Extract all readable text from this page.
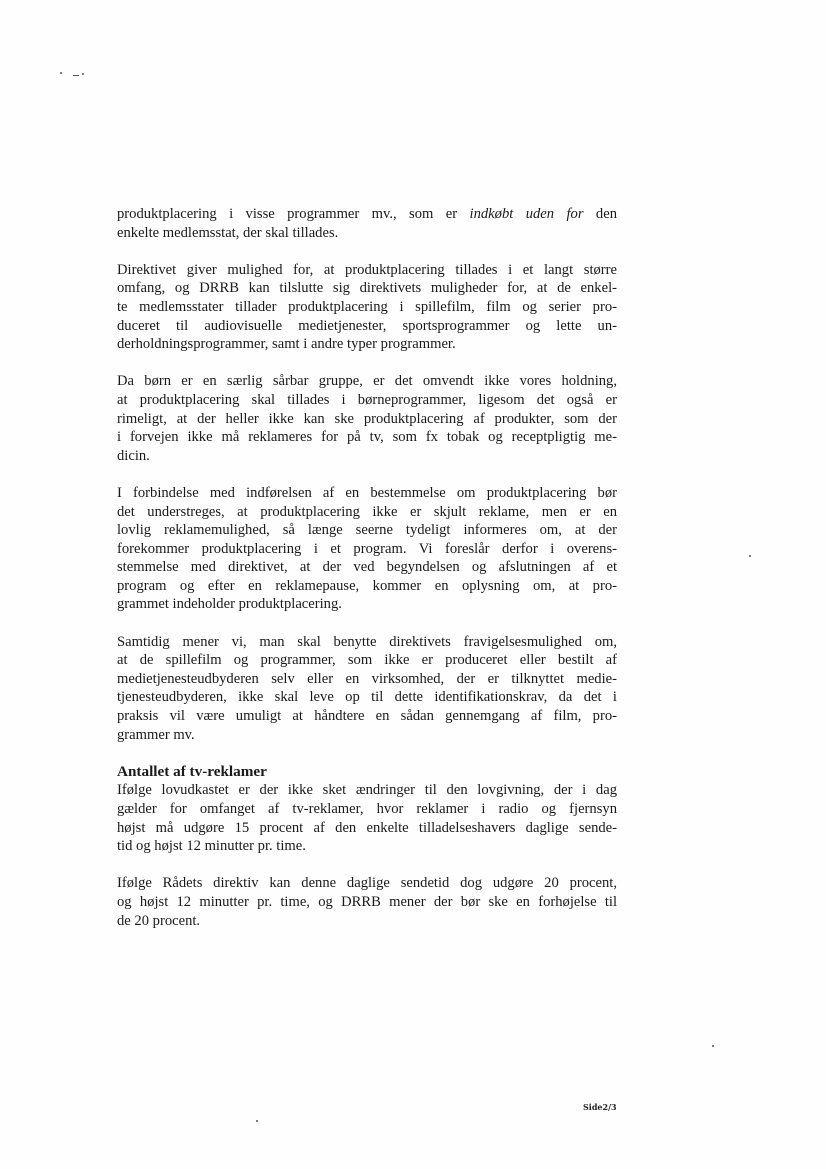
produktplacering i visse programmer mv., som er indkøbt uden for den
enkelte medlemsstat, der skal tillades.
Direktivet giver mulighed for, at produktplacering tillades i et langt større
omfang, og DRRB kan tilslutte sig direktivets muligheder for, at de enkel-
te medlemsstater tillader produktplacering i spillefilm, film og serier pro-
duceret til audiovisuelle medietjenester, sportsprogrammer og lette un-
derholdningsprogrammer, samt i andre typer programmer.
Da børn er en særlig sårbar gruppe, er det omvendt ikke vores holdning,
at produktplacering skal tillades i børneprogrammer, ligesom det også er
rimeligt, at der heller ikke kan ske produktplacering af produkter, som der
i forvejen ikke må reklameres for på tv, som fx tobak og receptpligtig me-
dicin.
I forbindelse med indførelsen af en bestemmelse om produktplacering bør
det understreges, at produktplacering ikke er skjult reklame, men er en
lovlig reklamemulighed, så længe seerne tydeligt informeres om, at der
forekommer produktplacering i et program. Vi foreslår derfor i overens-
stemmelse med direktivet, at der ved begyndelsen og afslutningen af et
program og efter en reklamepause, kommer en oplysning om, at pro-
grammet indeholder produktplacering.
Samtidig mener vi, man skal benytte direktivets fravigelsesmulighed om,
at de spillefilm og programmer, som ikke er produceret eller bestilt af
medietjenesteudbyderen selv eller en virksomhed, der er tilknyttet medie-
tjenesteudbyderen, ikke skal leve op til dette identifikationskrav, da det i
praksis vil være umuligt at håndtere en sådan gennemgang af film, pro-
grammer mv.
Antallet af tv-reklamer
Ifølge lovudkastet er der ikke sket ændringer til den lovgivning, der i dag
gælder for omfanget af tv-reklamer, hvor reklamer i radio og fjernsyn
højst må udgøre 15 procent af den enkelte tilladelseshavers daglige sende-
tid og højst 12 minutter pr. time.
Ifølge Rådets direktiv kan denne daglige sendetid dog udgøre 20 procent,
og højst 12 minutter pr. time, og DRRB mener der bør ske en forhøjelse til
de 20 procent.
Side2/3
